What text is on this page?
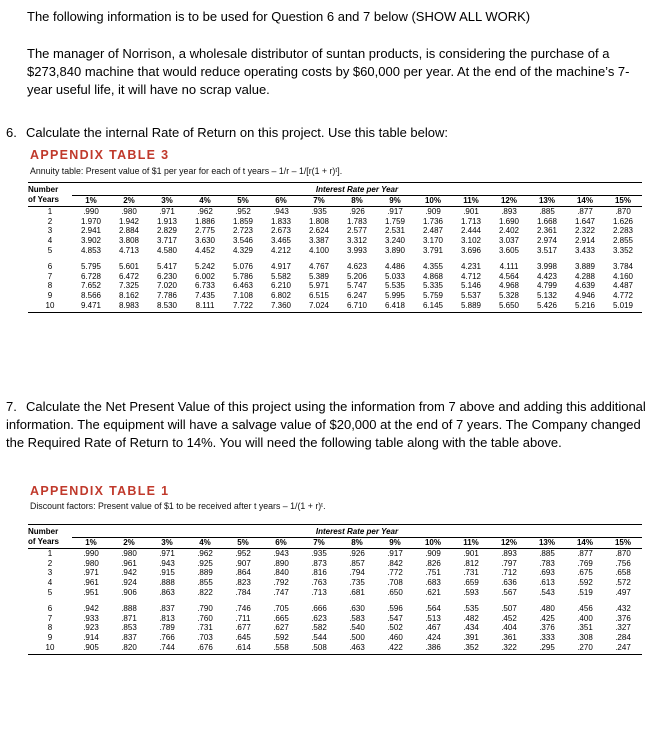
The following information is to be used for Question 6 and 7 below (SHOW ALL WORK)

The manager of Norrison, a wholesale distributor of suntan products, is considering the purchase of a $273,840 machine that would reduce operating costs by $60,000 per year. At the end of the machine’s 7-year useful life, it will have no scrap value.

6. Calculate the internal Rate of Return on this project. Use this table below:

APPENDIX TABLE 3

Annuity table: Present value of $1 per year for each of t years – 1/r – 1/[r(1 + r)ᵗ].

Number	Interest Rate per Year														
of Years	1%	2%	3%	4%	5%	6%	7%	8%	9%	10%	11%	12%	13%	14%	15%
1	.990	.980	.971	.962	.952	.943	.935	.926	.917	.909	.901	.893	.885	.877	.870
2	1.970	1.942	1.913	1.886	1.859	1.833	1.808	1.783	1.759	1.736	1.713	1.690	1.668	1.647	1.626
3	2.941	2.884	2.829	2.775	2.723	2.673	2.624	2.577	2.531	2.487	2.444	2.402	2.361	2.322	2.283
4	3.902	3.808	3.717	3.630	3.546	3.465	3.387	3.312	3.240	3.170	3.102	3.037	2.974	2.914	2.855
5	4.853	4.713	4.580	4.452	4.329	4.212	4.100	3.993	3.890	3.791	3.696	3.605	3.517	3.433	3.352

6	5.795	5.601	5.417	5.242	5.076	4.917	4.767	4.623	4.486	4.355	4.231	4.111	3.998	3.889	3.784
7	6.728	6.472	6.230	6.002	5.786	5.582	5.389	5.206	5.033	4.868	4.712	4.564	4.423	4.288	4.160
8	7.652	7.325	7.020	6.733	6.463	6.210	5.971	5.747	5.535	5.335	5.146	4.968	4.799	4.639	4.487
9	8.566	8.162	7.786	7.435	7.108	6.802	6.515	6.247	5.995	5.759	5.537	5.328	5.132	4.946	4.772
10	9.471	8.983	8.530	8.111	7.722	7.360	7.024	6.710	6.418	6.145	5.889	5.650	5.426	5.216	5.019

7. Calculate the Net Present Value of this project using the information from 7 above and adding this additional information. The equipment will have a salvage value of $20,000 at the end of 7 years. The Company changed the Required Rate of Return to 14%. You will need the following table along with the table above.

APPENDIX TABLE 1

Discount factors: Present value of $1 to be received after t years – 1/(1 + r)ᵗ.

Number	Interest Rate per Year														
of Years	1%	2%	3%	4%	5%	6%	7%	8%	9%	10%	11%	12%	13%	14%	15%
1	.990	.980	.971	.962	.952	.943	.935	.926	.917	.909	.901	.893	.885	.877	.870
2	.980	.961	.943	.925	.907	.890	.873	.857	.842	.826	.812	.797	.783	.769	.756
3	.971	.942	.915	.889	.864	.840	.816	.794	.772	.751	.731	.712	.693	.675	.658
4	.961	.924	.888	.855	.823	.792	.763	.735	.708	.683	.659	.636	.613	.592	.572
5	.951	.906	.863	.822	.784	.747	.713	.681	.650	.621	.593	.567	.543	.519	.497

6	.942	.888	.837	.790	.746	.705	.666	.630	.596	.564	.535	.507	.480	.456	.432
7	.933	.871	.813	.760	.711	.665	.623	.583	.547	.513	.482	.452	.425	.400	.376
8	.923	.853	.789	.731	.677	.627	.582	.540	.502	.467	.434	.404	.376	.351	.327
9	.914	.837	.766	.703	.645	.592	.544	.500	.460	.424	.391	.361	.333	.308	.284
10	.905	.820	.744	.676	.614	.558	.508	.463	.422	.386	.352	.322	.295	.270	.247
